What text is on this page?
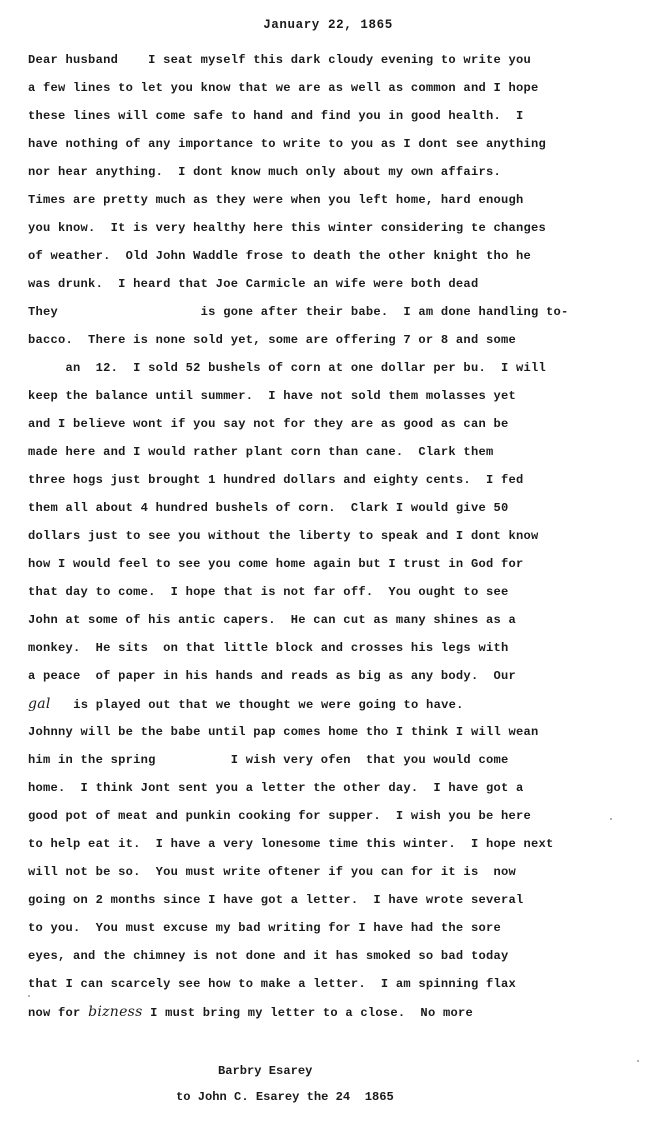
January 22, 1865
Dear husband    I seat myself this dark cloudy evening to write you
a few lines to let you know that we are as well as common and I hope
these lines will come safe to hand and find you in good health.  I
have nothing of any importance to write to you as I dont see anything
nor hear anything.  I dont know much only about my own affairs.
Times are pretty much as they were when you left home, hard enough
you know.  It is very healthy here this winter considering te changes
of weather.  Old John Waddle frose to death the other knight tho he
was drunk.  I heard that Joe Carmicle an wife were both dead
They                   is gone after their babe.  I am done handling to-
bacco.  There is none sold yet, some are offering 7 or 8 and some
an  12.  I sold 52 bushels of corn at one dollar per bu.  I will
keep the balance until summer.  I have not sold them molasses yet
and I believe wont if you say not for they are as good as can be
made here and I would rather plant corn than cane.  Clark them
three hogs just brought 1 hundred dollars and eighty cents.  I fed
them all about 4 hundred bushels of corn.  Clark I would give 50
dollars just to see you without the liberty to speak and I dont know
how I would feel to see you come home again but I trust in God for
that day to come.  I hope that is not far off.  You ought to see
John at some of his antic capers.  He can cut as many shines as a
monkey.  He sits  on that little block and crosses his legs with
a peace  of paper in his hands and reads as big as any body.  Our
gal   is played out that we thought we were going to have.
Johnny will be the babe until pap comes home tho I think I will wean
him in the spring          I wish very ofen  that you would come
home.  I think Jont sent you a letter the other day.  I have got a
good pot of meat and punkin cooking for supper.  I wish you be here
to help eat it.  I have a very lonesome time this winter.  I hope next
will not be so.  You must write oftener if you can for it is  now
going on 2 months since I have got a letter.  I have wrote several
to you.  You must excuse my bad writing for I have had the sore
eyes, and the chimney is not done and it has smoked so bad today
that I can scarcely see how to make a letter.  I am spinning flax
now for bizness I must bring my letter to a close.  No more
Barbry Esarey
to John C. Esarey the 24  1865
